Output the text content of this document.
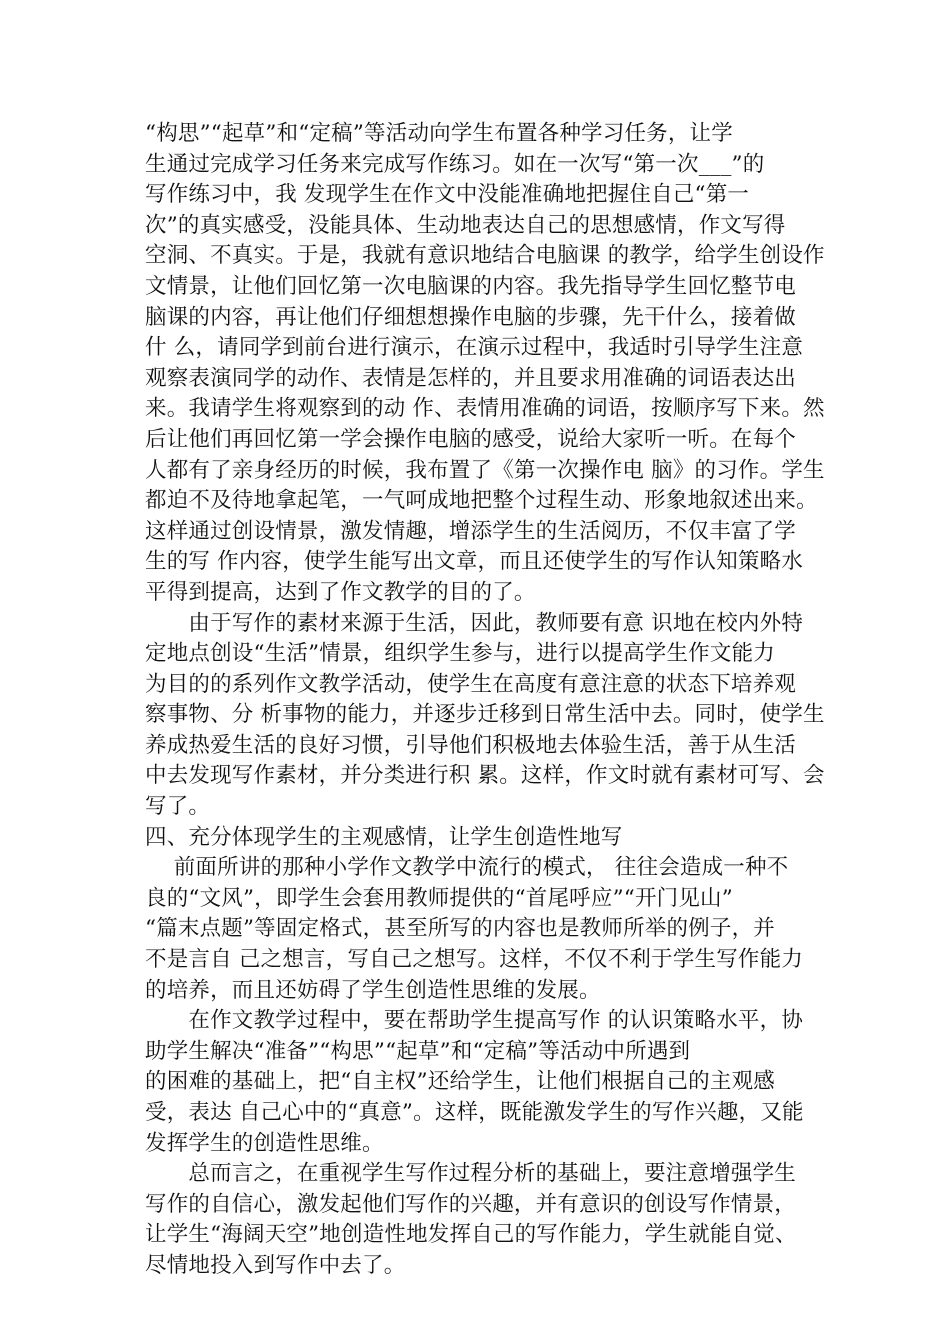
“构思”“起草”和“定稿”等活动向学生布置各种学习任务，让学
生通过完成学习任务来完成写作练习。如在一次写“第一次___”的
写作练习中，我 发现学生在作文中没能准确地把握住自己“第一
次”的真实感受，没能具体、生动地表达自己的思想感情，作文写得
空洞、不真实。于是，我就有意识地结合电脑课 的教学，给学生创设作
文情景，让他们回忆第一次电脑课的内容。我先指导学生回忆整节电
脑课的内容，再让他们仔细想想操作电脑的步骤，先干什么，接着做
什 么，请同学到前台进行演示，在演示过程中，我适时引导学生注意
观察表演同学的动作、表情是怎样的，并且要求用准确的词语表达出
来。我请学生将观察到的动 作、表情用准确的词语，按顺序写下来。然
后让他们再回忆第一学会操作电脑的感受，说给大家听一听。在每个
人都有了亲身经历的时候，我布置了《第一次操作电 脑》的习作。学生
都迫不及待地拿起笔，一气呵成地把整个过程生动、形象地叙述出来。
这样通过创设情景，激发情趣，增添学生的生活阅历，不仅丰富了学
生的写 作内容，使学生能写出文章，而且还使学生的写作认知策略水
平得到提高，达到了作文教学的目的了。
　　由于写作的素材来源于生活，因此，教师要有意 识地在校内外特
定地点创设“生活”情景，组织学生参与，进行以提高学生作文能力
为目的的系列作文教学活动，使学生在高度有意注意的状态下培养观
察事物、分 析事物的能力，并逐步迁移到日常生活中去。同时，使学生
养成热爱生活的良好习惯，引导他们积极地去体验生活，善于从生活
中去发现写作素材，并分类进行积 累。这样，作文时就有素材可写、会
写了。
四、充分体现学生的主观感情，让学生创造性地写
　 前面所讲的那种小学作文教学中流行的模式， 往往会造成一种不
良的“文风”，即学生会套用教师提供的“首尾呼应”“开门见山”
“篇末点题”等固定格式，甚至所写的内容也是教师所举的例子，并
不是言自 己之想言，写自己之想写。这样，不仅不利于学生写作能力
的培养，而且还妨碍了学生创造性思维的发展。
　　在作文教学过程中，要在帮助学生提高写作 的认识策略水平，协
助学生解决“准备”“构思”“起草”和“定稿”等活动中所遇到
的困难的基础上，把“自主权”还给学生，让他们根据自己的主观感
受，表达 自己心中的“真意”。这样，既能激发学生的写作兴趣，又能
发挥学生的创造性思维。
　　总而言之，在重视学生写作过程分析的基础上，要注意增强学生
写作的自信心，激发起他们写作的兴趣，并有意识的创设写作情景，
让学生“海阔天空”地创造性地发挥自己的写作能力，学生就能自觉、
尽情地投入到写作中去了。
